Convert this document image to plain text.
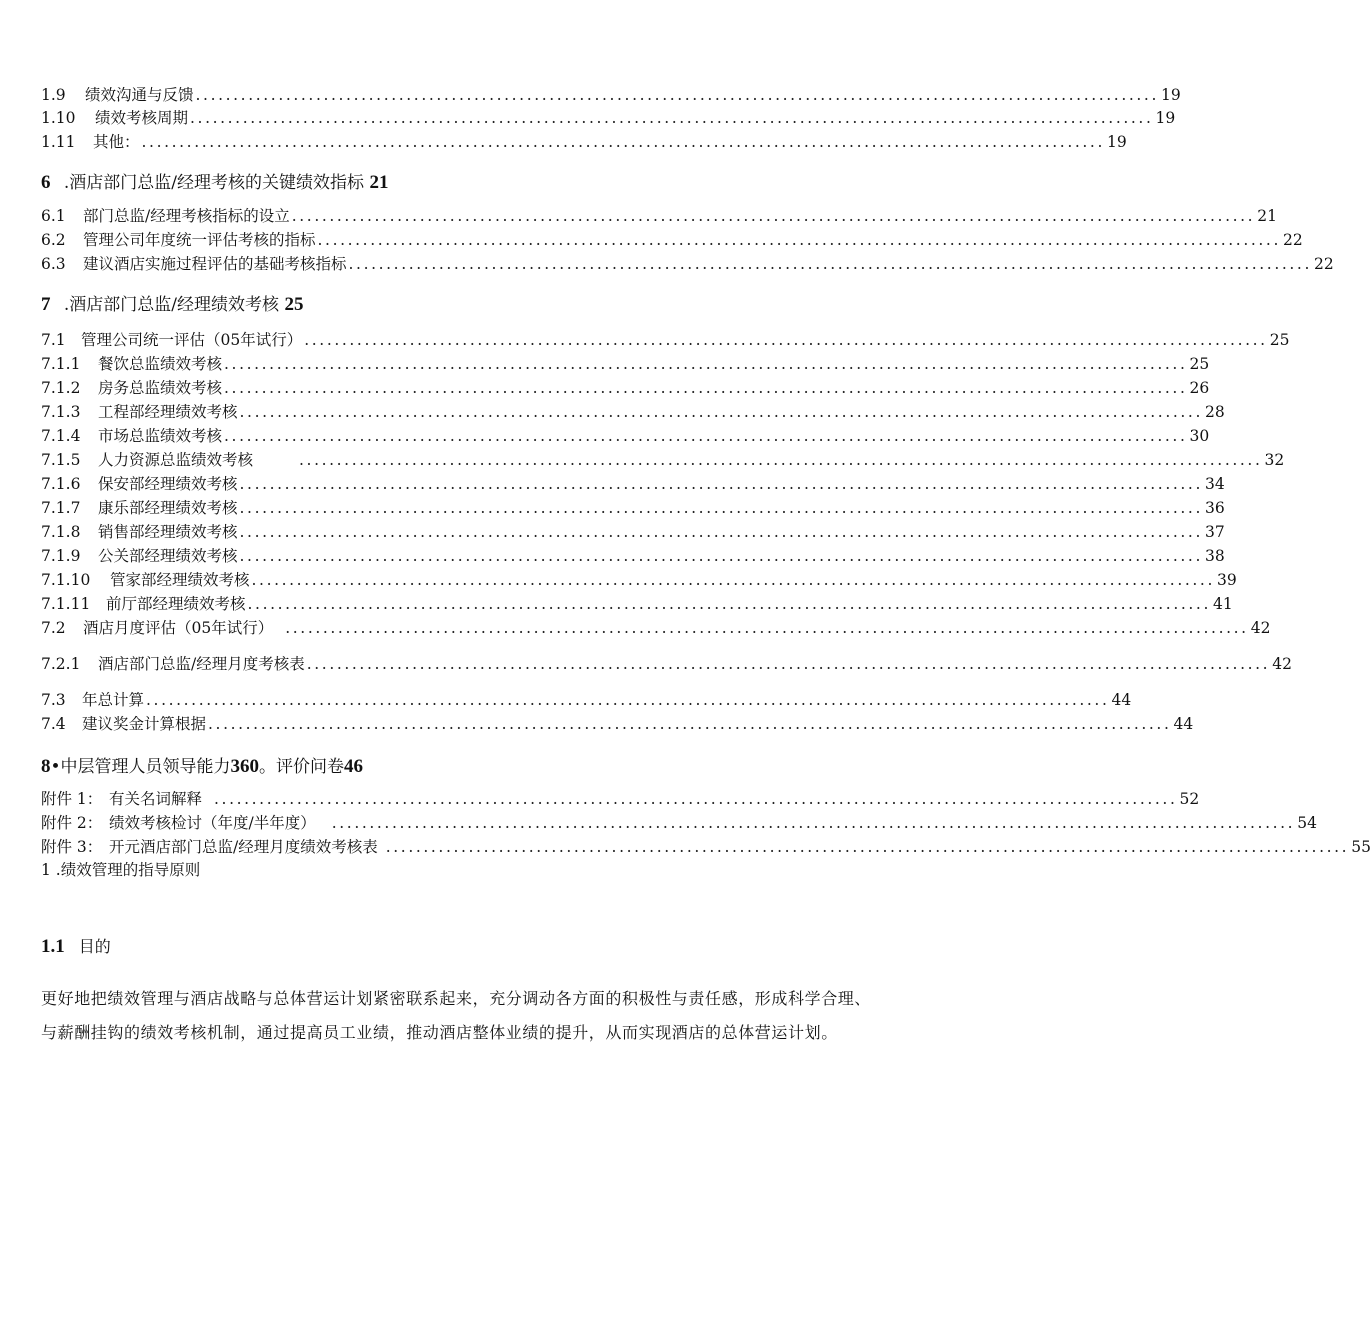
1.9	绩效沟通与反馈 ................................................................................................................................ 19
1.10	绩效考核周期 ................................................................................................................................ 19
1.11	其他： ................................................................................................................................ 19
6 .酒店部门总监/经理考核的关键绩效指标 21
6.1	部门总监/经理考核指标的设立 ................................................................................................................................ 21
6.2	管理公司年度统一评估考核的指标 ................................................................................................................................ 22
6.3	建议酒店实施过程评估的基础考核指标 ................................................................................................................................ 22
7 .酒店部门总监/经理绩效考核 25
7.1 管理公司统一评估（05年试行） ................................................................................................................................ 25
7.1.1	餐饮总监绩效考核 ................................................................................................................................ 25
7.1.2	房务总监绩效考核 ................................................................................................................................ 26
7.1.3	工程部经理绩效考核 ................................................................................................................................ 28
7.1.4	市场总监绩效考核 ................................................................................................................................ 30
7.1.5	人力资源总监绩效考核	................................................................................................................................ 32
7.1.6	保安部经理绩效考核 ................................................................................................................................ 34
7.1.7	康乐部经理绩效考核 ................................................................................................................................ 36
7.1.8	销售部经理绩效考核 ................................................................................................................................ 37
7.1.9	公关部经理绩效考核 ................................................................................................................................ 38
7.1.10	管家部经理绩效考核 ................................................................................................................................ 39
7.1.11	前厅部经理绩效考核 ................................................................................................................................ 41
7.2	酒店月度评估（05年试行） ................................................................................................................................ 42
7.2.1	酒店部门总监/经理月度考核表 ................................................................................................................................ 42
7.3	年总计算 ................................................................................................................................ 44
7.4	建议奖金计算根据 ................................................................................................................................ 44
8•中层管理人员领导能力360。评价问卷46
附件 1： 有关名词解释 ................................................................................................................................ 52
附件 2： 绩效考核检讨（年度/半年度） ................................................................................................................................ 54
附件 3： 开元酒店部门总监/经理月度绩效考核表 ................................................................................................................................ 55
1 .绩效管理的指导原则
1.1 目的
更好地把绩效管理与酒店战略与总体营运计划紧密联系起来，充分调动各方面的积极性与责任感，形成科学合理、与薪酬挂钩的绩效考核机制，通过提高员工业绩，推动酒店整体业绩的提升，从而实现酒店的总体营运计划。
